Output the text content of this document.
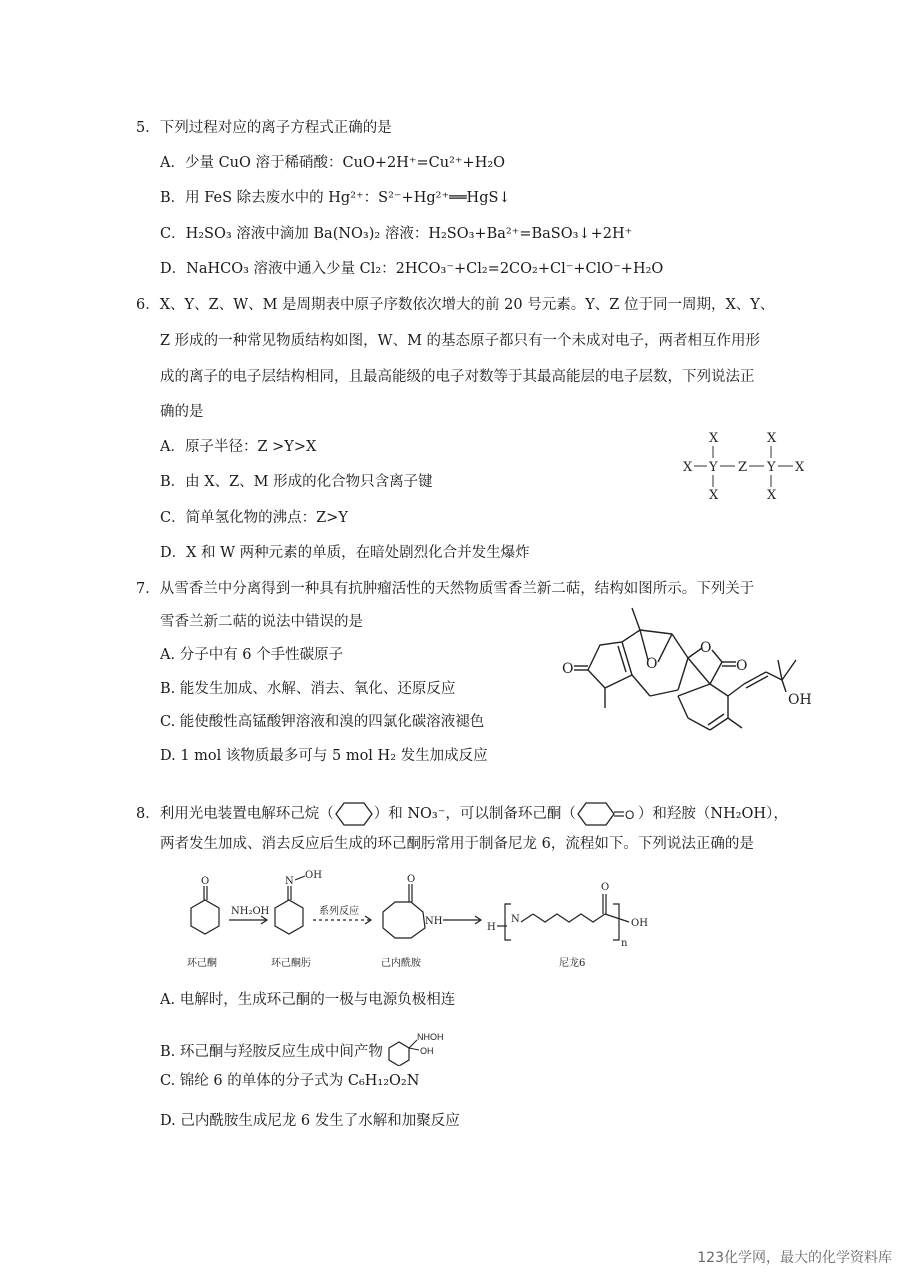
5．下列过程对应的离子方程式正确的是
A．少量 CuO 溶于稀硝酸：CuO+2H⁺=Cu²⁺+H₂O
B．用 FeS 除去废水中的 Hg²⁺：S²⁻+Hg²⁺══HgS↓
C．H₂SO₃ 溶液中滴加 Ba(NO₃)₂ 溶液：H₂SO₃+Ba²⁺=BaSO₃↓+2H⁺
D．NaHCO₃ 溶液中通入少量 Cl₂：2HCO₃⁻+Cl₂=2CO₂+Cl⁻+ClO⁻+H₂O
6．X、Y、Z、W、M 是周期表中原子序数依次增大的前 20 号元素。Y、Z 位于同一周期，X、Y、
Z 形成的一种常见物质结构如图，W、M 的基态原子都只有一个未成对电子，两者相互作用形
成的离子的电子层结构相同，且最高能级的电子对数等于其最高能层的电子层数，下列说法正
确的是
A．原子半径：Z >Y>X
B．由 X、Z、M 形成的化合物只含离子键
C．简单氢化物的沸点：Z>Y
D．X 和 W 两种元素的单质，在暗处剧烈化合并发生爆炸
X	X
X Y Z Y X
X	X
7．从雪香兰中分离得到一种具有抗肿瘤活性的天然物质雪香兰新二萜，结构如图所示。下列关于
雪香兰新二萜的说法中错误的是
A. 分子中有 6 个手性碳原子
B. 能发生加成、水解、消去、氧化、还原反应
C. 能使酸性高锰酸钾溶液和溴的四氯化碳溶液褪色
D. 1 mol 该物质最多可与 5 mol H₂ 发生加成反应
O	O
O
O
OH
8．利用光电装置电解环己烷（	）和 NO₃⁻，可以制备环己酮（	O ）和羟胺（NH₂OH），
两者发生加成、消去反应后生成的环己酮肟常用于制备尼龙 6，流程如下。下列说法正确的是
O
NH₂OH
N
OH
系列反应
O
NH
H
N
O
n
OH
环己酮	环己酮肟	己内酰胺	尼龙6
A. 电解时，生成环己酮的一极与电源负极相连
B. 环己酮与羟胺反应生成中间产物
NHOH
OH
C. 锦纶 6 的单体的分子式为 C₆H₁₂O₂N
D. 己内酰胺生成尼龙 6 发生了水解和加聚反应
123化学网，最大的化学资料库
